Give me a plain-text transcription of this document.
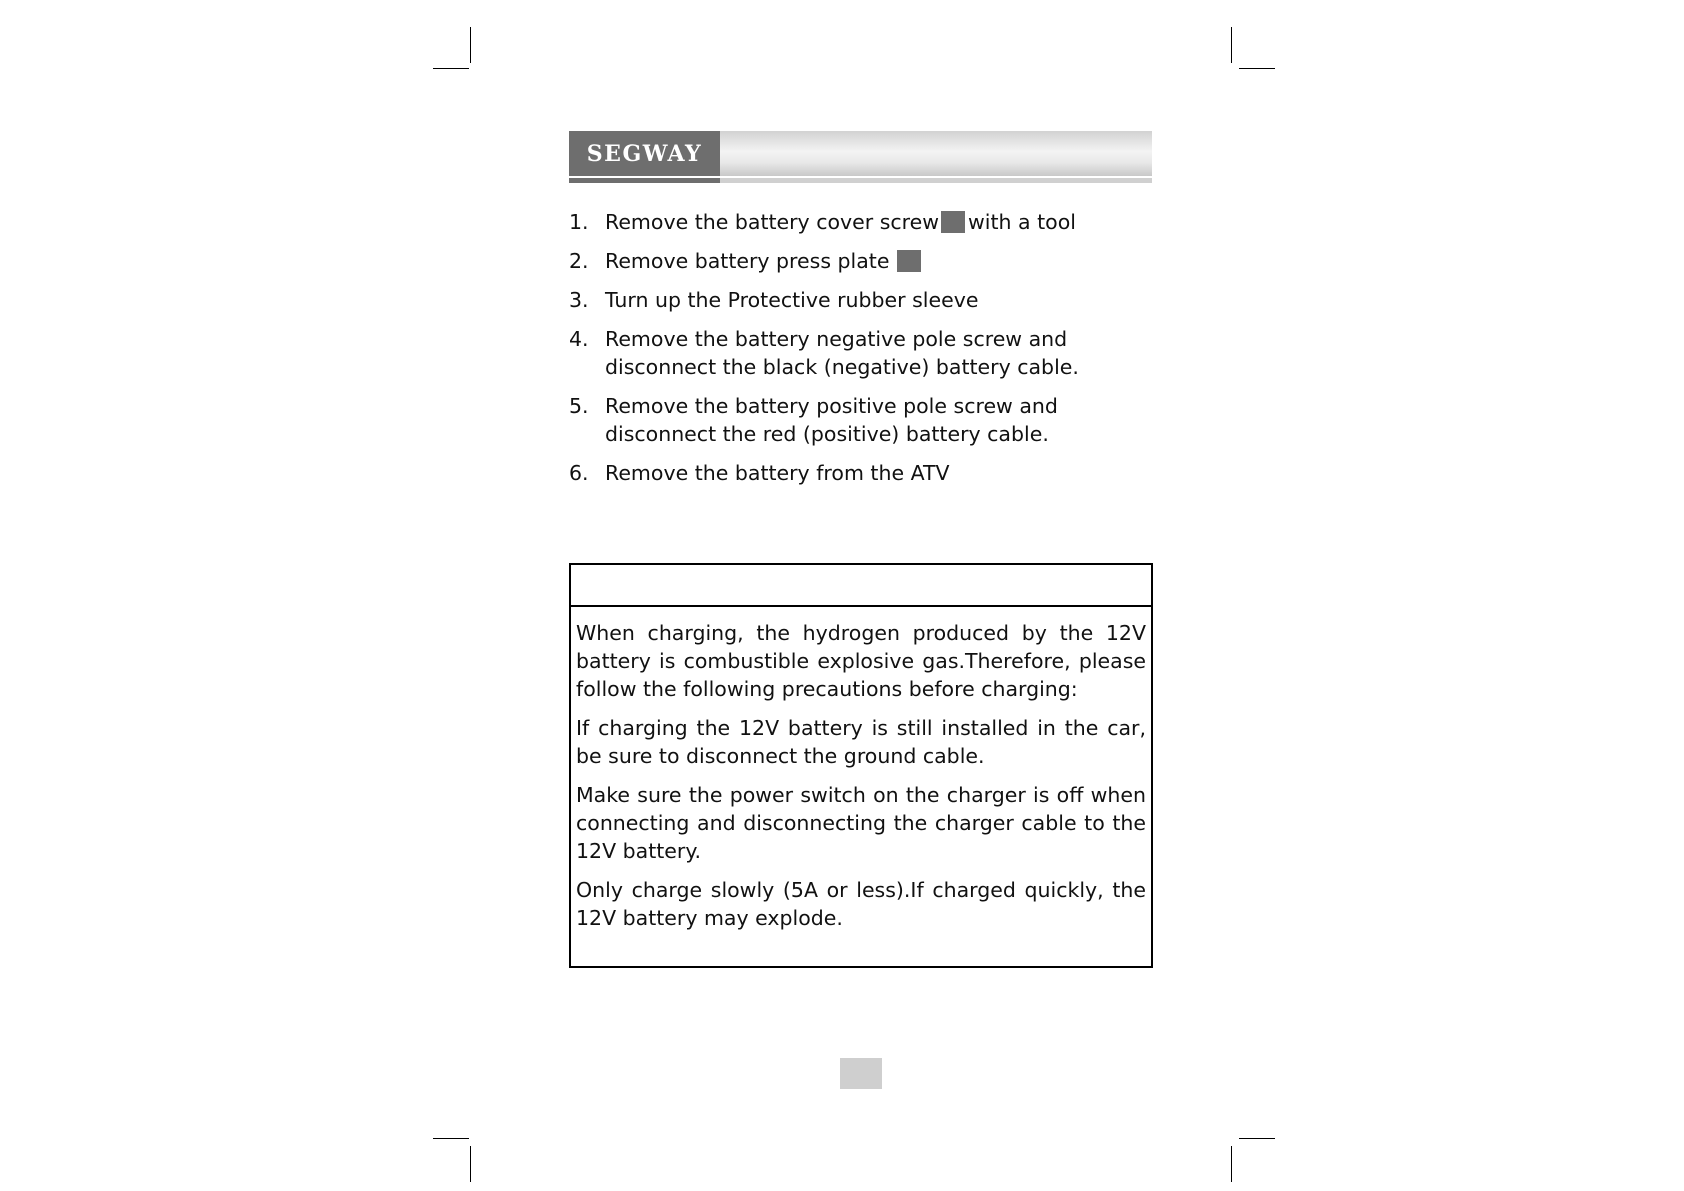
SEGWAY
1. Remove the battery cover screw with a tool
2. Remove battery press plate
3. Turn up the Protective rubber sleeve
4. Remove the battery negative pole screw and disconnect the black (negative) battery cable.
5. Remove the battery positive pole screw and disconnect the red (positive) battery cable.
6. Remove the battery from the ATV

When charging, the hydrogen produced by the 12V battery is combustible explosive gas.Therefore, please follow the following precautions before charging:

If charging the 12V battery is still installed in the car, be sure to disconnect the ground cable.

Make sure the power switch on the charger is off when connecting and disconnecting the charger cable to the 12V battery.

Only charge slowly (5A or less).If charged quickly, the 12V battery may explode.
